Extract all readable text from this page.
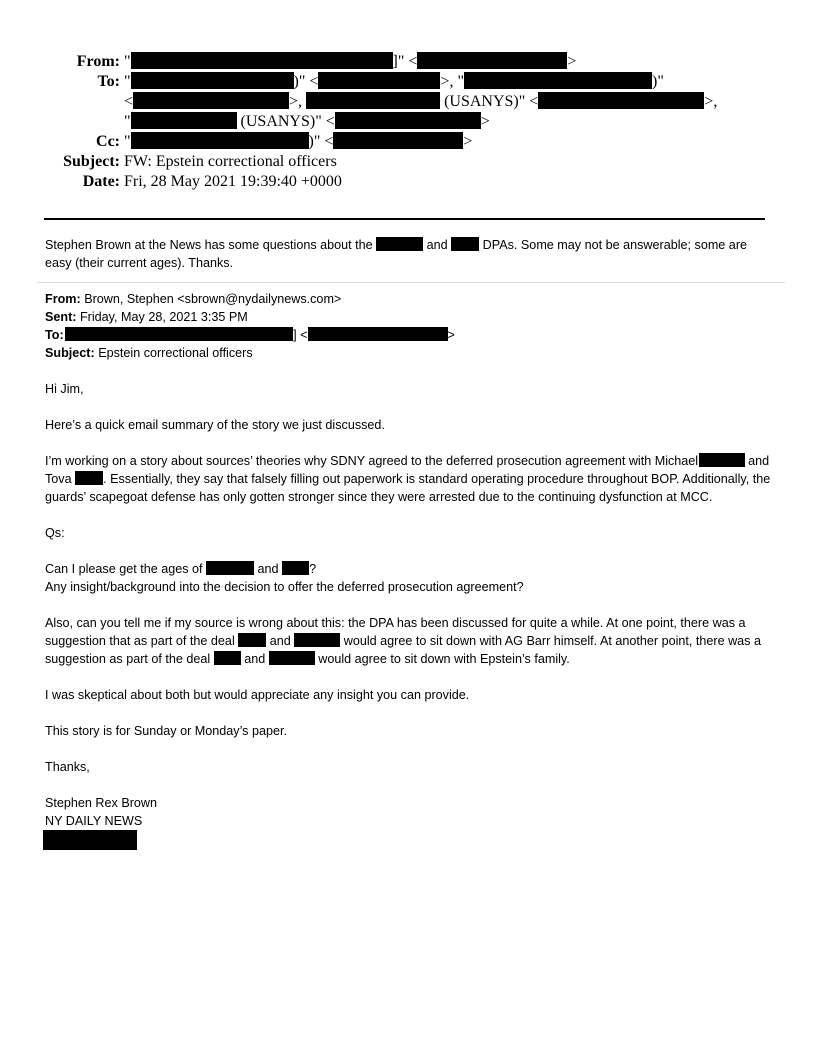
From: "	]" <	>
To: "	)" <	>, "	)"
<	>,	(USANYS)" <	>,
"	(USANYS)" <	>
Cc: "	)" <	>
Subject: FW: Epstein correctional officers
Date: Fri, 28 May 2021 19:39:40 +0000

Stephen Brown at the News has some questions about the	and	DPAs. Some may not be answerable; some are easy (their current ages). Thanks.

From: Brown, Stephen <sbrown@nydailynews.com>

Sent: Friday, May 28, 2021 3:35 PM

To:	] <	>

Subject: Epstein correctional officers

Hi Jim,

Here’s a quick email summary of the story we just discussed.

I’m working on a story about sources’ theories why SDNY agreed to the deferred prosecution agreement with Michael	and Tova	. Essentially, they say that falsely filling out paperwork is standard operating procedure throughout BOP. Additionally, the guards’ scapegoat defense has only gotten stronger since they were arrested due to the continuing dysfunction at MCC.

Qs:

Can I please get the ages of	and ?

Any insight/background into the decision to offer the deferred prosecution agreement?

Also, can you tell me if my source is wrong about this: the DPA has been discussed for quite a while. At one point, there was a suggestion that as part of the deal	and	would agree to sit down with AG Barr himself. At another point, there was a suggestion as part of the deal	and	would agree to sit down with Epstein’s family.

I was skeptical about both but would appreciate any insight you can provide.

This story is for Sunday or Monday’s paper.

Thanks,

Stephen Rex Brown

NY DAILY NEWS
